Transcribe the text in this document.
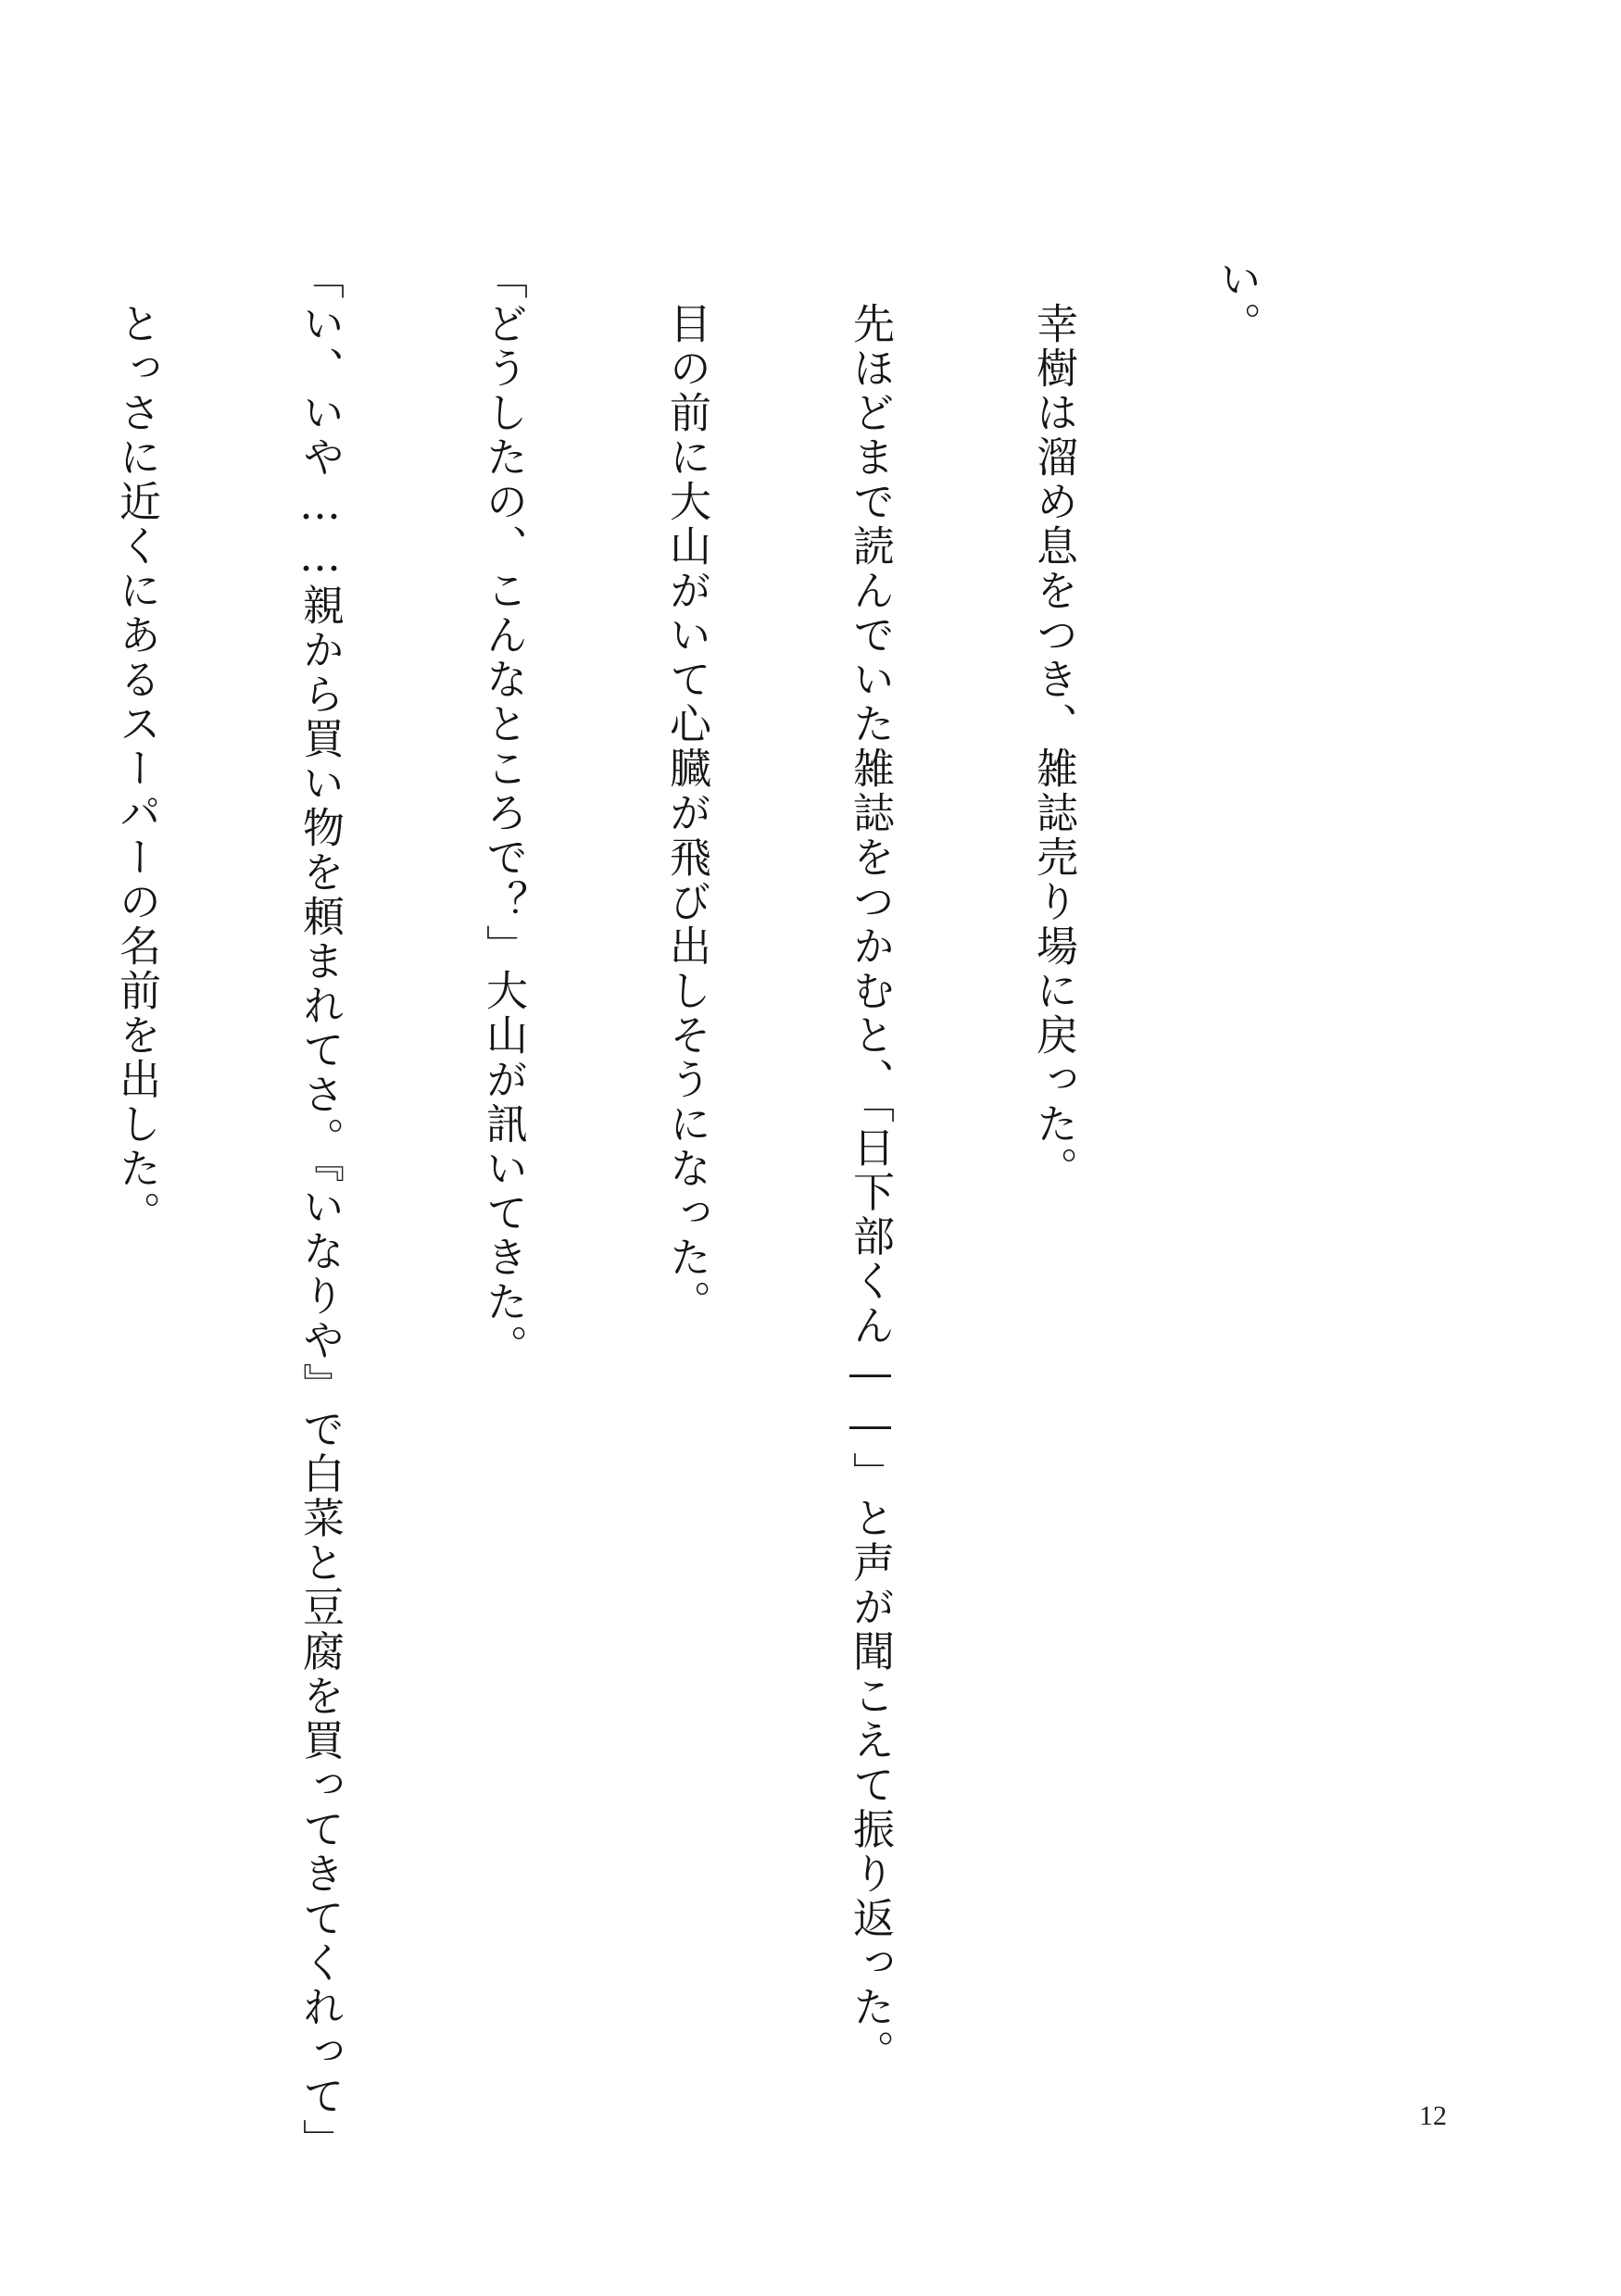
い。

　幸樹は溜め息をつき、雑誌売り場に戻った。

　先ほどまで読んでいた雑誌をつかむと、「日下部くん――」と声が聞こえて振り返った。

　目の前に大山がいて心臓が飛び出しそうになった。

「どうしたの、こんなところで？」大山が訊いてきた。

「い、いや……親から買い物を頼まれてさ。『いなりや』で白菜と豆腐を買ってきてくれって」

　とっさに近くにあるスーパーの名前を出した。

12
